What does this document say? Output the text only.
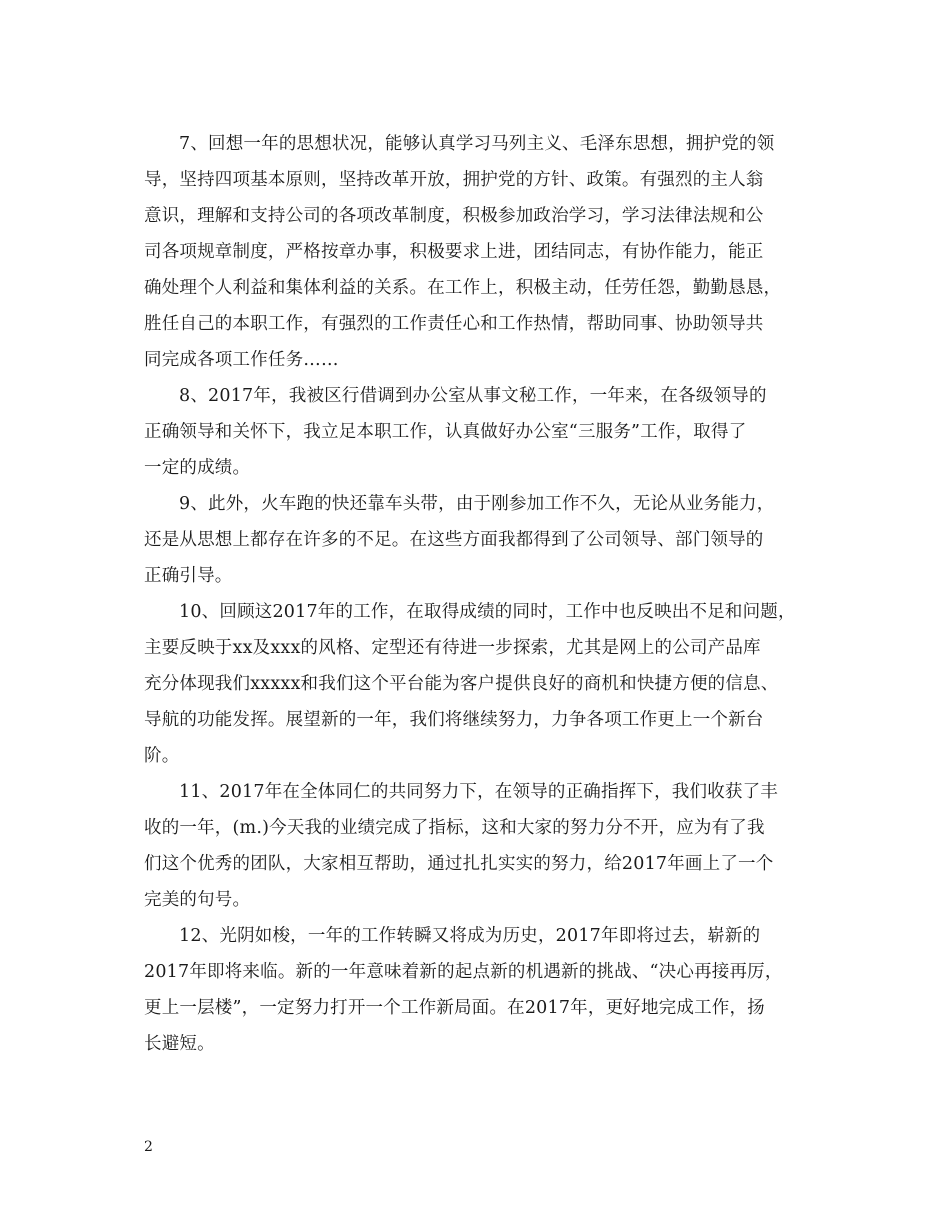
7、回想一年的思想状况，能够认真学习马列主义、毛泽东思想，拥护党的领
导，坚持四项基本原则，坚持改革开放，拥护党的方针、政策。有强烈的主人翁
意识，理解和支持公司的各项改革制度，积极参加政治学习，学习法律法规和公
司各项规章制度，严格按章办事，积极要求上进，团结同志，有协作能力，能正
确处理个人利益和集体利益的关系。在工作上，积极主动，任劳任怨，勤勤恳恳，
胜任自己的本职工作，有强烈的工作责任心和工作热情，帮助同事、协助领导共
同完成各项工作任务……

8、2017年，我被区行借调到办公室从事文秘工作，一年来，在各级领导的
正确领导和关怀下，我立足本职工作，认真做好办公室“三服务”工作，取得了
一定的成绩。

9、此外，火车跑的快还靠车头带，由于刚参加工作不久，无论从业务能力，
还是从思想上都存在许多的不足。在这些方面我都得到了公司领导、部门领导的
正确引导。

10、回顾这2017年的工作，在取得成绩的同时，工作中也反映出不足和问题，
主要反映于xx及xxx的风格、定型还有待进一步探索，尤其是网上的公司产品库
充分体现我们xxxxx和我们这个平台能为客户提供良好的商机和快捷方便的信息、
导航的功能发挥。展望新的一年，我们将继续努力，力争各项工作更上一个新台
阶。

11、2017年在全体同仁的共同努力下，在领导的正确指挥下，我们收获了丰
收的一年，(m.)今天我的业绩完成了指标，这和大家的努力分不开，应为有了我
们这个优秀的团队，大家相互帮助，通过扎扎实实的努力，给2017年画上了一个
完美的句号。

12、光阴如梭，一年的工作转瞬又将成为历史，2017年即将过去，崭新的
2017年即将来临。新的一年意味着新的起点新的机遇新的挑战、“决心再接再厉，
更上一层楼”，一定努力打开一个工作新局面。在2017年，更好地完成工作，扬
长避短。

2
